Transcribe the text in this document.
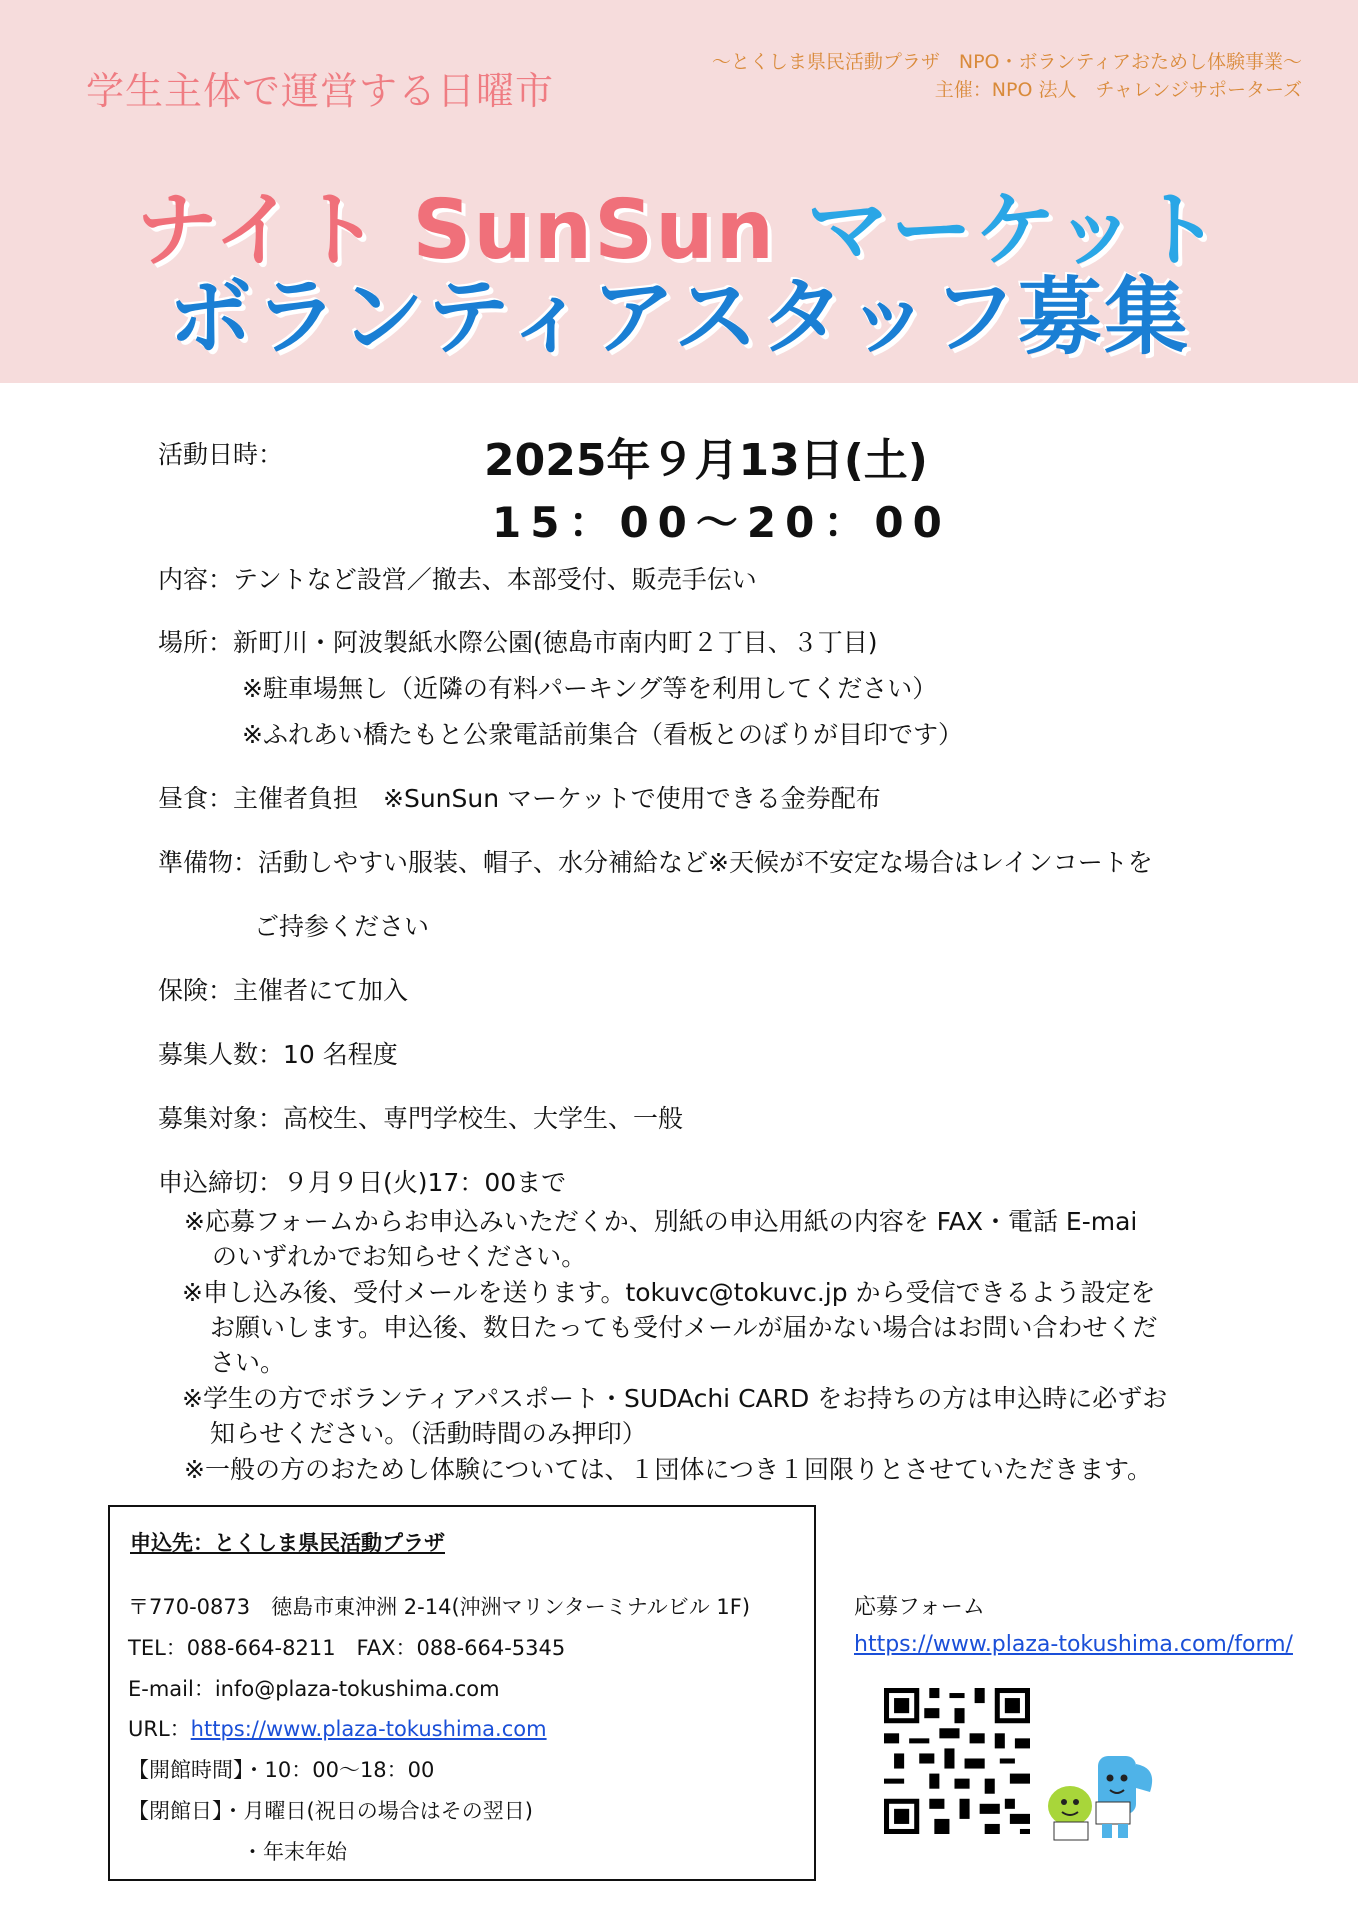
学生主体で運営する日曜市
～とくしま県民活動プラザ　NPO・ボランティアおためし体験事業～
主催：NPO 法人　チャレンジサポーターズ
ナイト SunSun マーケット
ボランティアスタッフ募集
活動日時：	2025年９月13日(土)
15：00～20：00
内容：テントなど設営／撤去、本部受付、販売手伝い
場所：新町川・阿波製紙水際公園(徳島市南内町２丁目、３丁目)
※駐車場無し（近隣の有料パーキング等を利用してください）
※ふれあい橋たもと公衆電話前集合（看板とのぼりが目印です）
昼食：主催者負担　※SunSun マーケットで使用できる金券配布
準備物：活動しやすい服装、帽子、水分補給など※天候が不安定な場合はレインコートを
ご持参ください
保険：主催者にて加入
募集人数：10 名程度
募集対象：高校生、専門学校生、大学生、一般
申込締切：９月９日(火)17：00まで
※応募フォームからお申込みいただくか、別紙の申込用紙の内容を FAX・電話 E-mai
のいずれかでお知らせください。
※申し込み後、受付メールを送ります。tokuvc@tokuvc.jp から受信できるよう設定を
お願いします。申込後、数日たっても受付メールが届かない場合はお問い合わせくだ
さい。
※学生の方でボランティアパスポート・SUDAchi CARD をお持ちの方は申込時に必ずお
知らせください。（活動時間のみ押印）
※一般の方のおためし体験については、１団体につき１回限りとさせていただきます。
申込先：とくしま県民活動プラザ
〒770-0873　徳島市東沖洲 2-14(沖洲マリンターミナルビル 1F)
TEL：088-664-8211　FAX：088-664-5345
E-mail：info@plaza-tokushima.com
URL：https://www.plaza-tokushima.com
【開館時間】・10：00～18：00
【閉館日】・月曜日(祝日の場合はその翌日)
・年末年始
応募フォーム
https://www.plaza-tokushima.com/form/
